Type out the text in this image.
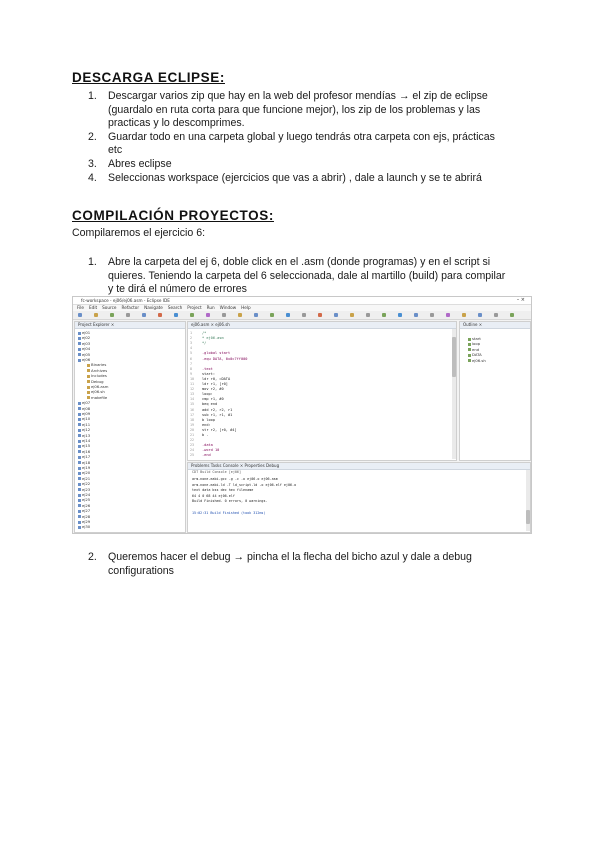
DESCARGA ECLIPSE:
1. Descargar varios zip que hay en la web del profesor mendías → el zip de eclipse
(guardalo en ruta corta para que funcione mejor), los zip de los problemas y las
practicas y lo descomprimes.
2. Guardar todo en una carpeta global y luego tendrás otra carpeta con ejs, prácticas
etc
3. Abres eclipse
4. Seleccionas workspace (ejercicios que vas a abrir) , dale a launch y se te abrirá
COMPILACIÓN PROYECTOS:

Compilaremos el ejercicio 6:

1. Abre la carpeta del ej 6, doble click en el .asm (donde programas) y en el script si
quieres. Teniendo la carpeta del 6 seleccionada, dale al martillo (build) para compilar
y te dirá el número de errores
fc-workspace - ej06/ej06.asm - Eclipse IDE	– ×
File Edit Source Refactor Navigate Search Project Run Window Help
Project Explorer ×
ej01
ej02
ej03
ej04
ej05
ej06
Binaries
Archives
Includes
Debug
ej06.asm
ej06.sh
makefile
ej07
ej08
ej09
ej10
ej11
ej12
ej13
ej14
ej15
ej16
ej17
ej18
ej19
ej20
ej21
ej22
ej23
ej24
ej25
ej26
ej27
ej28
ej29
ej30
ej06.asm × ej06.sh
1	/*
2	* ej06.asm
3	*/
4
5	.global start
6	.equ DATA, 0x0c7ff000
7
8	.text
9	start:
10 ldr r0, =DATA
11 ldr r1, [r0]
12 mov r2, #0
13 loop:
14 cmp r1, #0
15 beq end
16 add r2, r2, r1
17 sub r1, r1, #1
18 b loop
19 end:
20 str r2, [r0, #4]
21 b .
22
23 .data
24 .word 10
25 .end
Outline ×
start
loop
end
DATA
ej06.sh
Problems Tasks Console × Properties Debug
CDT Build Console [ej06]
arm-none-eabi-gcc -g -c -o ej06.o ej06.asm
arm-none-eabi-ld -T ld_script.ld -o ej06.elf ej06.o
text data bss dec hex filename
64 4 0 68 44 ej06.elf
Build Finished. 0 errors, 0 warnings.
15:02:31 Build Finished (took 312ms)
2. Queremos hacer el debug → pincha el la flecha del bicho azul y dale a debug
configurations
